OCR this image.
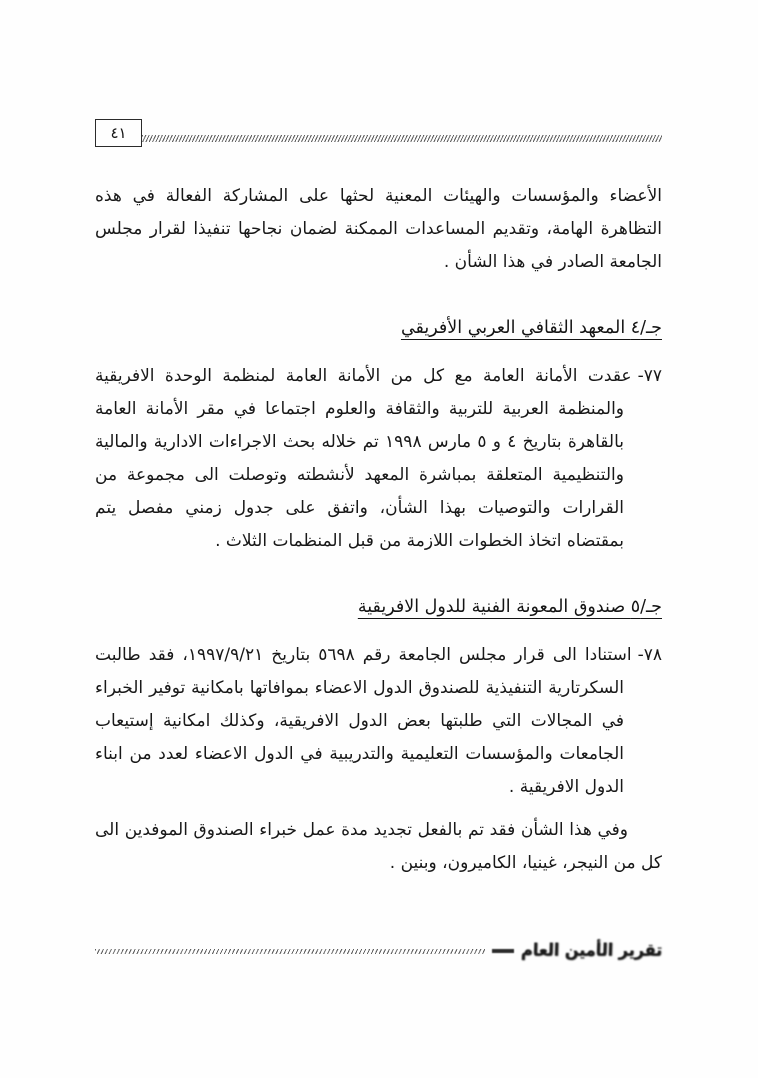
٤١

الأعضاء والمؤسسات والهيئات المعنية لحثها على المشاركة الفعالة في هذه التظاهرة الهامة، وتقديم المساعدات الممكنة لضمان نجاحها تنفيذا لقرار مجلس الجامعة الصادر في هذا الشأن .

جـ/٤ المعهد الثقافي العربي الأفريقي

٧٧-عقدت الأمانة العامة مع كل من الأمانة العامة لمنظمة الوحدة الافريقية والمنظمة العربية للتربية والثقافة والعلوم اجتماعا في مقر الأمانة العامة بالقاهرة بتاريخ ٤ و ٥ مارس ١٩٩٨ تم خلاله بحث الاجراءات الادارية والمالية والتنظيمية المتعلقة بمباشرة المعهد لأنشطته وتوصلت الى مجموعة من القرارات والتوصيات بهذا الشأن، واتفق على جدول زمني مفصل يتم بمقتضاه اتخاذ الخطوات اللازمة من قبل المنظمات الثلاث .

جـ/٥ صندوق المعونة الفنية للدول الافريقية

٧٨-استنادا الى قرار مجلس الجامعة رقم ٥٦٩٨ بتاريخ ١٩٩٧/٩/٢١، فقد طالبت السكرتارية التنفيذية للصندوق الدول الاعضاء بموافاتها بامكانية توفير الخبراء في المجالات التي طلبتها بعض الدول الافريقية، وكذلك امكانية إستيعاب الجامعات والمؤسسات التعليمية والتدريبية في الدول الاعضاء لعدد من ابناء الدول الافريقية .

وفي هذا الشأن فقد تم بالفعل تجديد مدة عمل خبراء الصندوق الموفدين الى كل من النيجر، غينيا، الكاميرون، وبنين .

تقرير الأمين العام
